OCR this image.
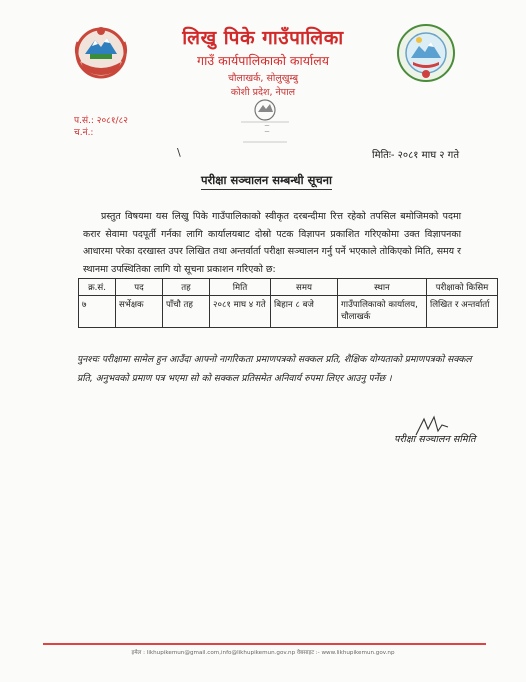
लिखु पिके गाउँपालिका
गाउँ कार्यपालिकाको कार्यालय
चौलाखर्क, सोलुखुम्बु
कोशी प्रदेश, नेपाल
प.सं.: २०८१/८२
च.नं.:
—
—
—
\	मितिः- २०८१ माघ २ गते
परीक्षा सञ्चालन सम्बन्धी सूचना
प्रस्तुत विषयमा यस लिखु पिके गाउँपालिकाको स्वीकृत दरबन्दीमा रित्त रहेको तपसिल बमोजिमको पदमा करार सेवामा पदपूर्ती गर्नका लागि कार्यालयबाट दोस्रो पटक विज्ञापन प्रकाशित गरिएकोमा उक्त विज्ञापनका आधारमा परेका दरखास्त उपर लिखित तथा अन्तर्वार्ता परीक्षा सञ्चालन गर्नु पर्ने भएकाले तोकिएको मिति, समय र स्थानमा उपस्थितिका लागि यो सूचना प्रकाशन गरिएको छ:
क्र.सं.	पद	तह	मिति	समय	स्थान	परीक्षाको किसिम
७	सर्भेक्षक	पाँचौ तह	२०८१ माघ ४ गते	बिहान ८ बजे	गाउँपालिकाको कार्यालय, चौलाखर्क	लिखित र अन्तर्वार्ता
पुनश्चः परीक्षामा सामेल हुन आउँदा आफ्नो नागरिकता प्रमाणपत्रको सक्कल प्रति, शैक्षिक योग्यताको प्रमाणपत्रको सक्कल प्रति, अनुभवको प्रमाण पत्र भएमा सो को सक्कल प्रतिसमेत अनिवार्य रुपमा लिएर आउनु पर्नेछ ।
परीक्षा सञ्चालन समिति
इमेल : likhupikemun@gmail.com,info@likhupikemun.gov.np वेबसाइट :- www.likhupikemun.gov.np
